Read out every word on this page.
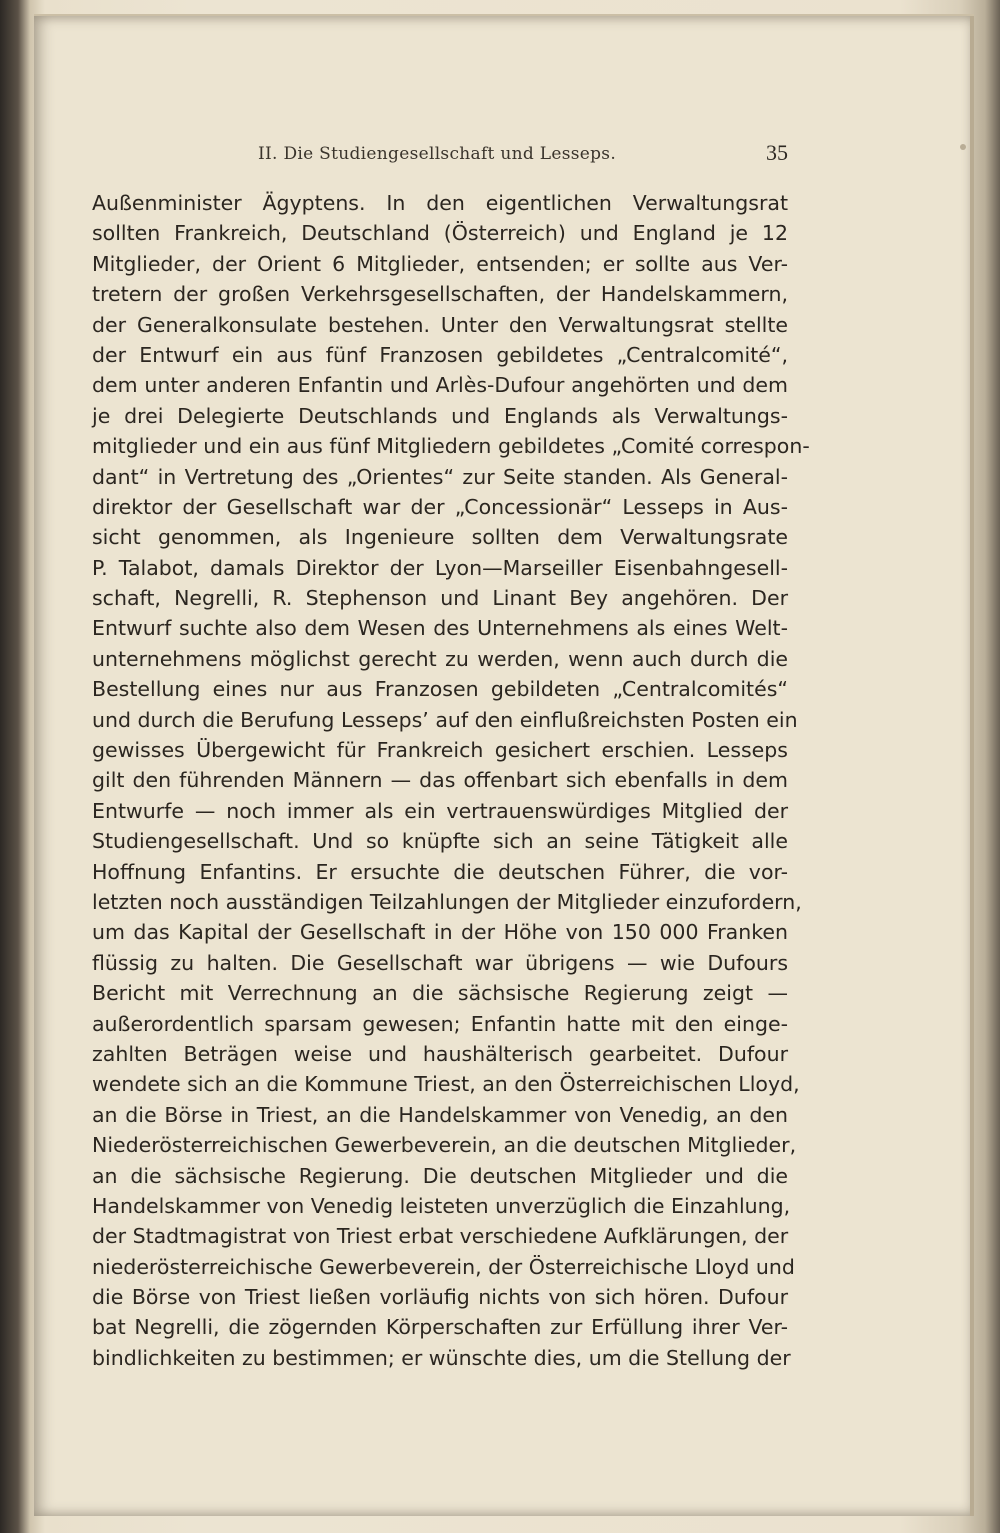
II. Die Studiengesellschaft und Lesseps.	35
Außenminister Ägyptens. In den eigentlichen Verwaltungsrat
sollten Frankreich, Deutschland (Österreich) und England je 12
Mitglieder, der Orient 6 Mitglieder, entsenden; er sollte aus Ver-
tretern der großen Verkehrsgesellschaften, der Handelskammern,
der Generalkonsulate bestehen. Unter den Verwaltungsrat stellte
der Entwurf ein aus fünf Franzosen gebildetes „Centralcomité“,
dem unter anderen Enfantin und Arlès-Dufour angehörten und dem
je drei Delegierte Deutschlands und Englands als Verwaltungs-
mitglieder und ein aus fünf Mitgliedern gebildetes „Comité correspon-
dant“ in Vertretung des „Orientes“ zur Seite standen. Als General-
direktor der Gesellschaft war der „Concessionär“ Lesseps in Aus-
sicht genommen, als Ingenieure sollten dem Verwaltungsrate
P. Talabot, damals Direktor der Lyon—Marseiller Eisenbahngesell-
schaft, Negrelli, R. Stephenson und Linant Bey angehören. Der
Entwurf suchte also dem Wesen des Unternehmens als eines Welt-
unternehmens möglichst gerecht zu werden, wenn auch durch die
Bestellung eines nur aus Franzosen gebildeten „Centralcomités“
und durch die Berufung Lesseps’ auf den einflußreichsten Posten ein
gewisses Übergewicht für Frankreich gesichert erschien. Lesseps
gilt den führenden Männern — das offenbart sich ebenfalls in dem
Entwurfe — noch immer als ein vertrauenswürdiges Mitglied der
Studiengesellschaft. Und so knüpfte sich an seine Tätigkeit alle
Hoffnung Enfantins. Er ersuchte die deutschen Führer, die vor-
letzten noch ausständigen Teilzahlungen der Mitglieder einzufordern,
um das Kapital der Gesellschaft in der Höhe von 150 000 Franken
flüssig zu halten. Die Gesellschaft war übrigens — wie Dufours
Bericht mit Verrechnung an die sächsische Regierung zeigt —
außerordentlich sparsam gewesen; Enfantin hatte mit den einge-
zahlten Beträgen weise und haushälterisch gearbeitet. Dufour
wendete sich an die Kommune Triest, an den Österreichischen Lloyd,
an die Börse in Triest, an die Handelskammer von Venedig, an den
Niederösterreichischen Gewerbeverein, an die deutschen Mitglieder,
an die sächsische Regierung. Die deutschen Mitglieder und die
Handelskammer von Venedig leisteten unverzüglich die Einzahlung,
der Stadtmagistrat von Triest erbat verschiedene Aufklärungen, der
niederösterreichische Gewerbeverein, der Österreichische Lloyd und
die Börse von Triest ließen vorläufig nichts von sich hören. Dufour
bat Negrelli, die zögernden Körperschaften zur Erfüllung ihrer Ver-
bindlichkeiten zu bestimmen; er wünschte dies, um die Stellung der
